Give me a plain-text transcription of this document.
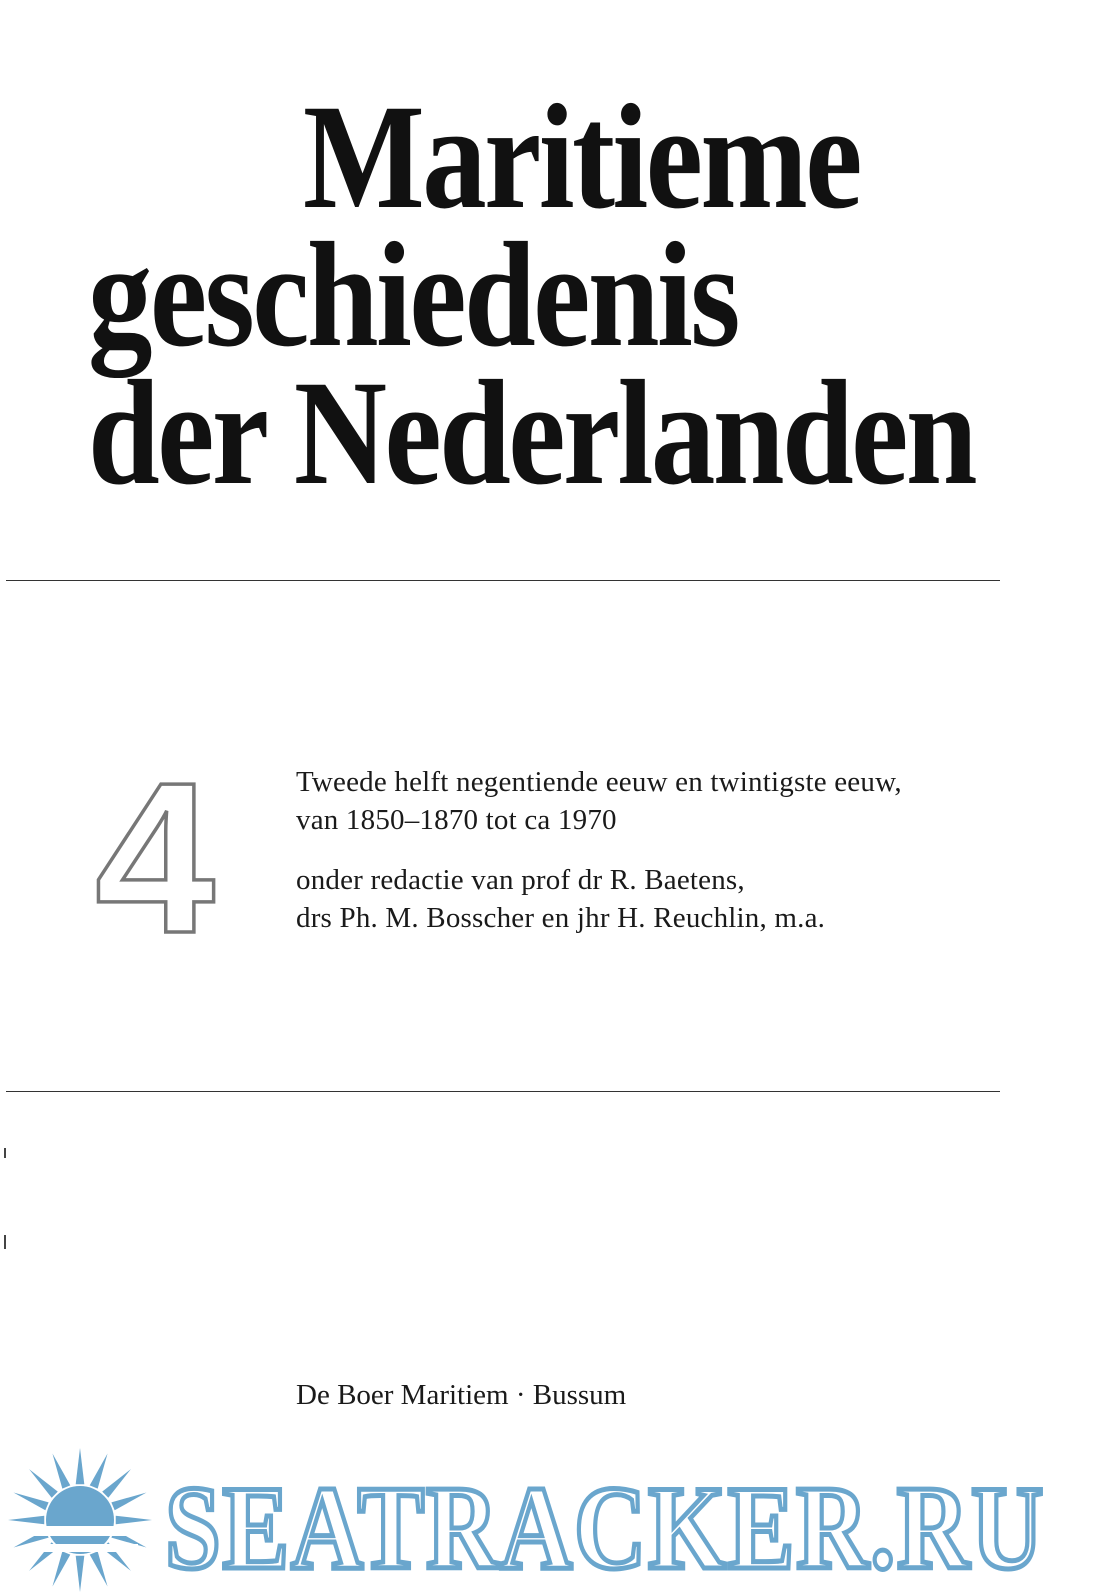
Maritieme
geschiedenis
der Nederlanden
4	Tweede helft negentiende eeuw en twintigste eeuw,

van 1850–1870 tot ca 1970

onder redactie van prof dr R. Baetens,

drs Ph. M. Bosscher en jhr H. Reuchlin, m.a.

De Boer Maritiem · Bussum
SEATRACKER.RU
